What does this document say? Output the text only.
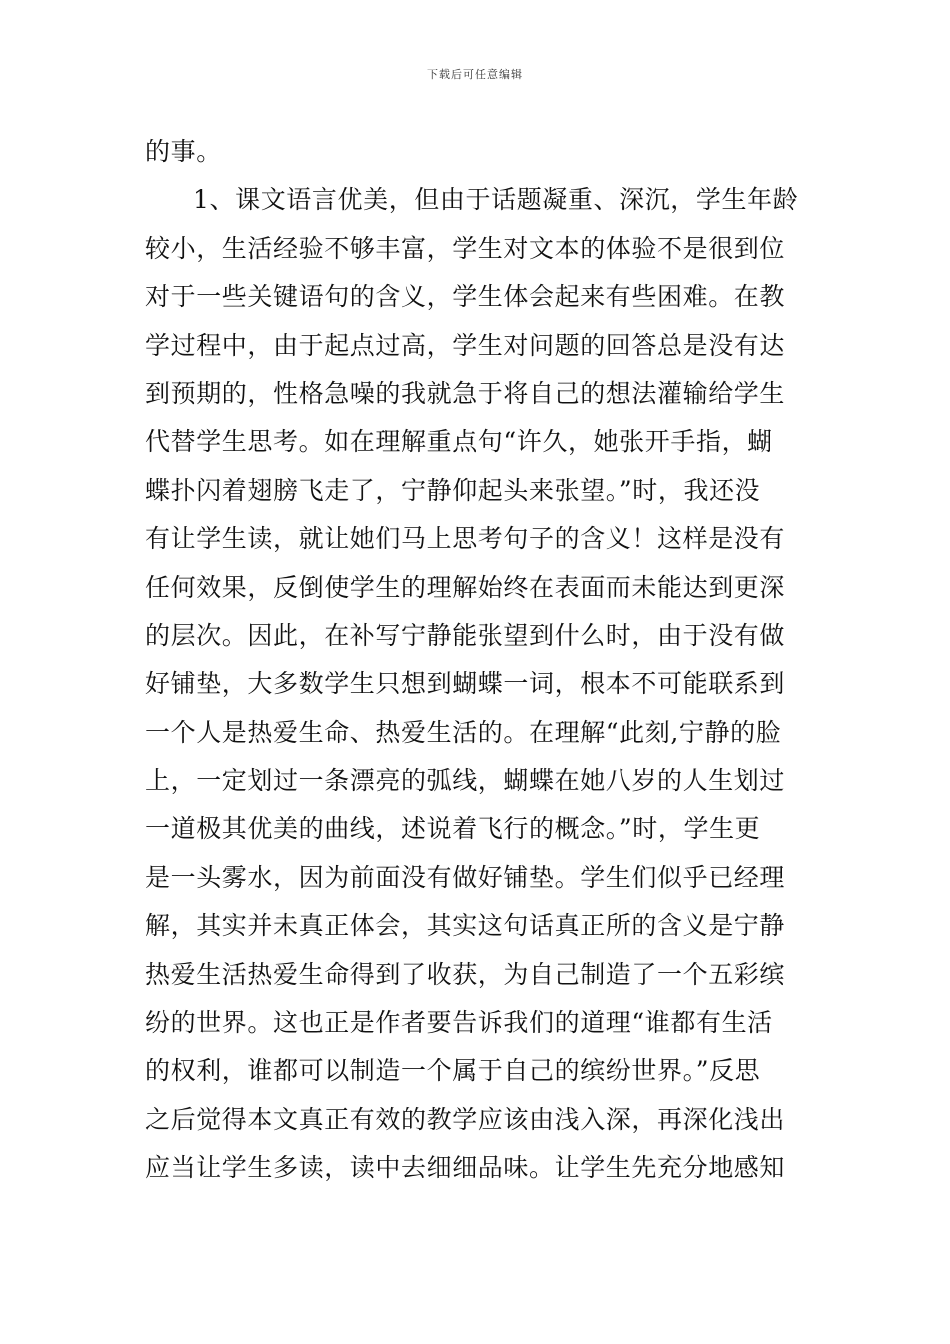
下载后可任意编辑
的事。
1、课文语言优美，但由于话题凝重、深沉，学生年龄
较小，生活经验不够丰富，学生对文本的体验不是很到位
对于一些关键语句的含义，学生体会起来有些困难。在教
学过程中，由于起点过高，学生对问题的回答总是没有达
到预期的，性格急噪的我就急于将自己的想法灌输给学生
代替学生思考。如在理解重点句“许久，她张开手指，蝴
蝶扑闪着翅膀飞走了，宁静仰起头来张望。”时，我还没
有让学生读，就让她们马上思考句子的含义！这样是没有
任何效果，反倒使学生的理解始终在表面而未能达到更深
的层次。因此，在补写宁静能张望到什么时，由于没有做
好铺垫，大多数学生只想到蝴蝶一词，根本不可能联系到
一个人是热爱生命、热爱生活的。在理解“此刻,宁静的脸
上，一定划过一条漂亮的弧线，蝴蝶在她八岁的人生划过
一道极其优美的曲线，述说着飞行的概念。”时，学生更
是一头雾水，因为前面没有做好铺垫。学生们似乎已经理
解，其实并未真正体会，其实这句话真正所的含义是宁静
热爱生活热爱生命得到了收获，为自己制造了一个五彩缤
纷的世界。这也正是作者要告诉我们的道理“谁都有生活
的权利，谁都可以制造一个属于自己的缤纷世界。”反思
之后觉得本文真正有效的教学应该由浅入深，再深化浅出
应当让学生多读，读中去细细品味。让学生先充分地感知
